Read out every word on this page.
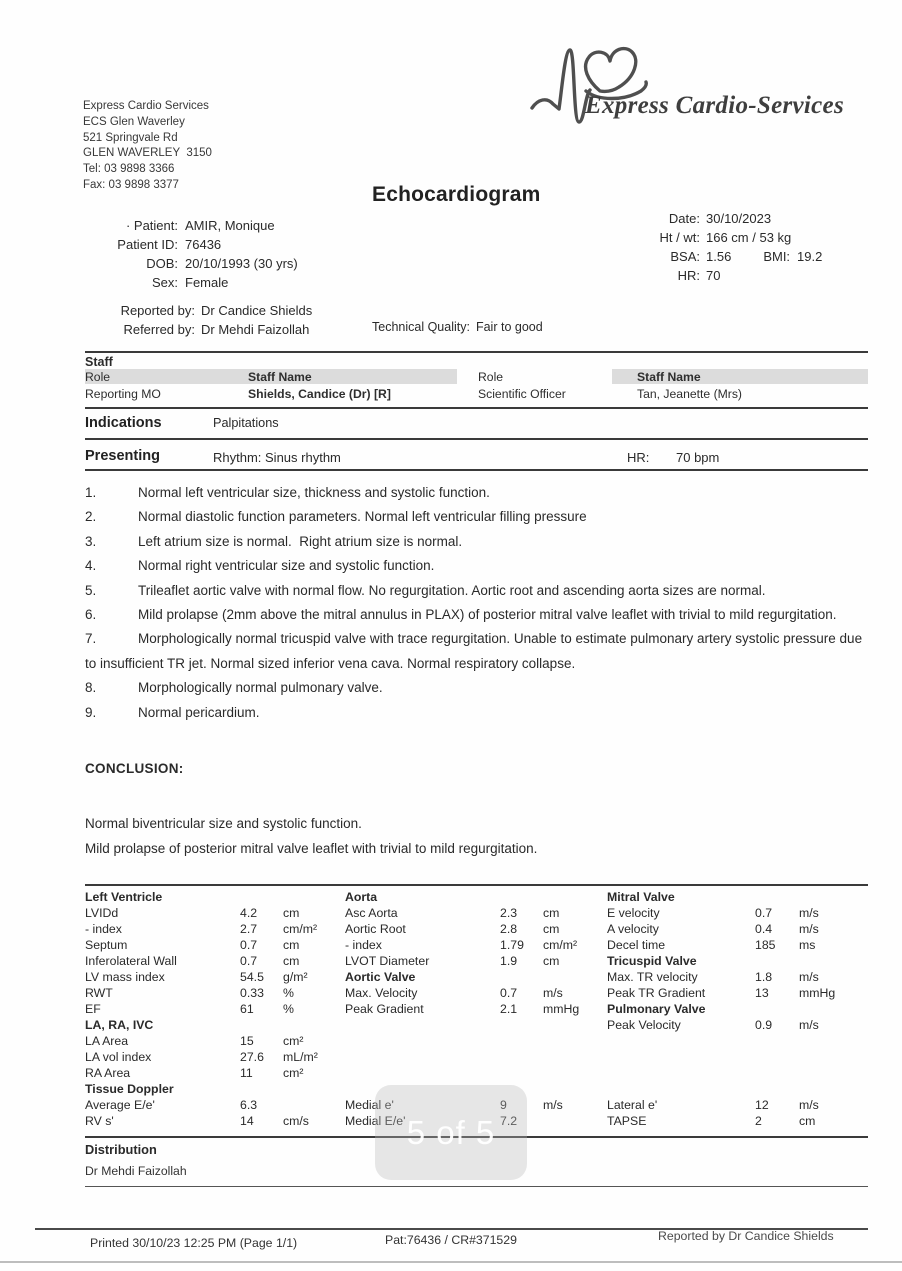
Express Cardio Services
ECS Glen Waverley
521 Springvale Rd
GLEN WAVERLEY  3150
Tel: 03 9898 3366
Fax: 03 9898 3377
Express Cardio-Services
Echocardiogram
· Patient: AMIR, Monique
Patient ID: 76436
DOB: 20/10/1993 (30 yrs)
Sex: Female
Date: 30/10/2023
Ht / wt: 166 cm / 53 kg
BSA: 1.56 BMI: 19.2
HR: 70
Reported by: Dr Candice Shields
Referred by: Dr Mehdi Faizollah	Technical Quality: Fair to good
Staff
Role	Staff Name	Role	Staff Name
Reporting MO	Shields, Candice (Dr) [R]	Scientific Officer	Tan, Jeanette (Mrs)
Indications	Palpitations
Presenting	Rhythm: Sinus rhythm	HR: 70 bpm
1.	Normal left ventricular size, thickness and systolic function.
2.	Normal diastolic function parameters. Normal left ventricular filling pressure
3.	Left atrium size is normal.  Right atrium size is normal.
4.	Normal right ventricular size and systolic function.
5.	Trileaflet aortic valve with normal flow. No regurgitation. Aortic root and ascending aorta sizes are normal.
6.	Mild prolapse (2mm above the mitral annulus in PLAX) of posterior mitral valve leaflet with trivial to mild regurgitation.
7.	Morphologically normal tricuspid valve with trace regurgitation. Unable to estimate pulmonary artery systolic pressure due to insufficient TR jet. Normal sized inferior vena cava. Normal respiratory collapse.
8.	Morphologically normal pulmonary valve.
9.	Normal pericardium.
CONCLUSION:
Normal biventricular size and systolic function.
Mild prolapse of posterior mitral valve leaflet with trivial to mild regurgitation.
Left Ventricle
LVIDd	4.2	cm
- index	2.7	cm/m²
Septum	0.7	cm
Inferolateral Wall	0.7	cm
LV mass index	54.5	g/m²
RWT	0.33	%
EF	61	%
LA, RA, IVC
LA Area	15	cm²
LA vol index	27.6	mL/m²
RA Area	11	cm²
Tissue Doppler
Average E/e'	6.3
RV s'	14	cm/s
Aorta
Asc Aorta	2.3	cm
Aortic Root	2.8	cm
- index	1.79	cm/m²
LVOT Diameter	1.9	cm
Aortic Valve
Max. Velocity	0.7	m/s
Peak Gradient	2.1	mmHg
Medial e'	9	m/s
Medial E/e'	7.2
Mitral Valve
E velocity	0.7	m/s
A velocity	0.4	m/s
Decel time	185	ms
Tricuspid Valve
Max. TR velocity	1.8	m/s
Peak TR Gradient	13	mmHg
Pulmonary Valve
Peak Velocity	0.9	m/s
Lateral e'	12	m/s
TAPSE	2	cm
Distribution
Dr Mehdi Faizollah
5 of 5
Printed 30/10/23 12:25 PM (Page 1/1)	Pat:76436 / CR#371529	Reported by Dr Candice Shields
